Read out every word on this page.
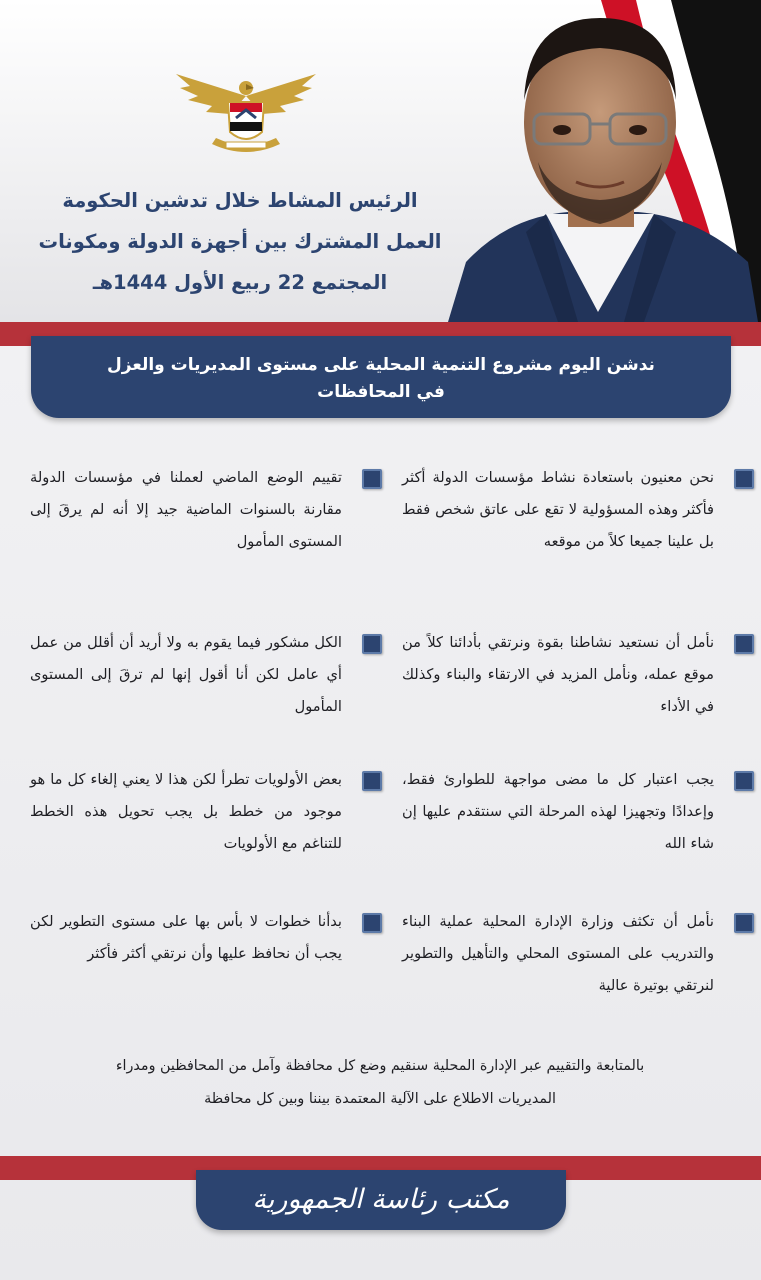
الرئيس المشاط خلال تدشين الحكومة
العمل المشترك بين أجهزة الدولة ومكونات
المجتمع 22 ربيع الأول 1444هـ
ندشن اليوم مشروع التنمية المحلية على مستوى المديريات والعزل
في المحافظات
نحن معنيون باستعادة نشاط مؤسسات الدولة أكثر فأكثر وهذه المسؤولية لا تقع على عاتق شخص فقط بل علينا جميعا كلاً من موقعه
نأمل أن نستعيد نشاطنا بقوة ونرتقي بأدائنا كلاً من موقع عمله، ونأمل المزيد في الارتقاء والبناء وكذلك في الأداء
يجب اعتبار كل ما مضى مواجهة للطوارئ فقط، وإعدادًا وتجهيزا لهذه المرحلة التي سنتقدم عليها إن شاء الله
نأمل أن تكثف وزارة الإدارة المحلية عملية البناء والتدريب على المستوى المحلي والتأهيل والتطوير لنرتقي بوتيرة عالية
تقييم الوضع الماضي لعملنا في مؤسسات الدولة مقارنة بالسنوات الماضية جيد إلا أنه لم يرقَ إلى المستوى المأمول
الكل مشكور فيما يقوم به ولا أريد أن أقلل من عمل أي عامل لكن أنا أقول إنها لم ترقَ إلى المستوى المأمول
بعض الأولويات تطرأ لكن هذا لا يعني إلغاء كل ما هو موجود من خطط بل يجب تحويل هذه الخطط للتناغم مع الأولويات
بدأنا خطوات لا بأس بها على مستوى التطوير لكن يجب أن نحافظ عليها وأن نرتقي أكثر فأكثر
بالمتابعة والتقييم عبر الإدارة المحلية سنقيم وضع كل محافظة وآمل من المحافظين ومدراء
المديريات الاطلاع على الآلية المعتمدة بيننا وبين كل محافظة
مكتب رئاسة الجمهورية
